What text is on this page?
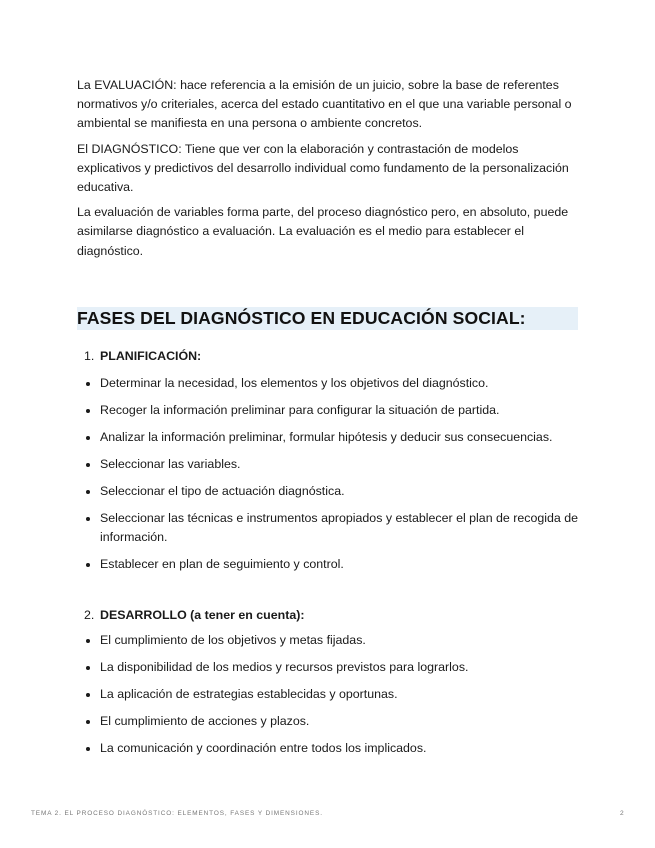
La EVALUACIÓN: hace referencia a la emisión de un juicio, sobre la base de referentes normativos y/o criteriales, acerca del estado cuantitativo en el que una variable personal o ambiental se manifiesta en una persona o ambiente concretos.

El DIAGNÓSTICO: Tiene que ver con la elaboración y contrastación de modelos explicativos y predictivos del desarrollo individual como fundamento de la personalización educativa.

La evaluación de variables forma parte, del proceso diagnóstico pero, en absoluto, puede asimilarse diagnóstico a evaluación. La evaluación es el medio para establecer el diagnóstico.

FASES DEL DIAGNÓSTICO EN EDUCACIÓN SOCIAL:

1. PLANIFICACIÓN:

Determinar la necesidad, los elementos y los objetivos del diagnóstico.
Recoger la información preliminar para configurar la situación de partida.
Analizar la información preliminar, formular hipótesis y deducir sus consecuencias.
Seleccionar las variables.
Seleccionar el tipo de actuación diagnóstica.
Seleccionar las técnicas e instrumentos apropiados y establecer el plan de recogida de información.
Establecer en plan de seguimiento y control.

2. DESARROLLO (a tener en cuenta):

El cumplimiento de los objetivos y metas fijadas.
La disponibilidad de los medios y recursos previstos para lograrlos.
La aplicación de estrategias establecidas y oportunas.
El cumplimiento de acciones y plazos.
La comunicación y coordinación entre todos los implicados.
TEMA 2. EL PROCESO DIAGNÓSTICO: ELEMENTOS, FASES Y DIMENSIONES.	2
